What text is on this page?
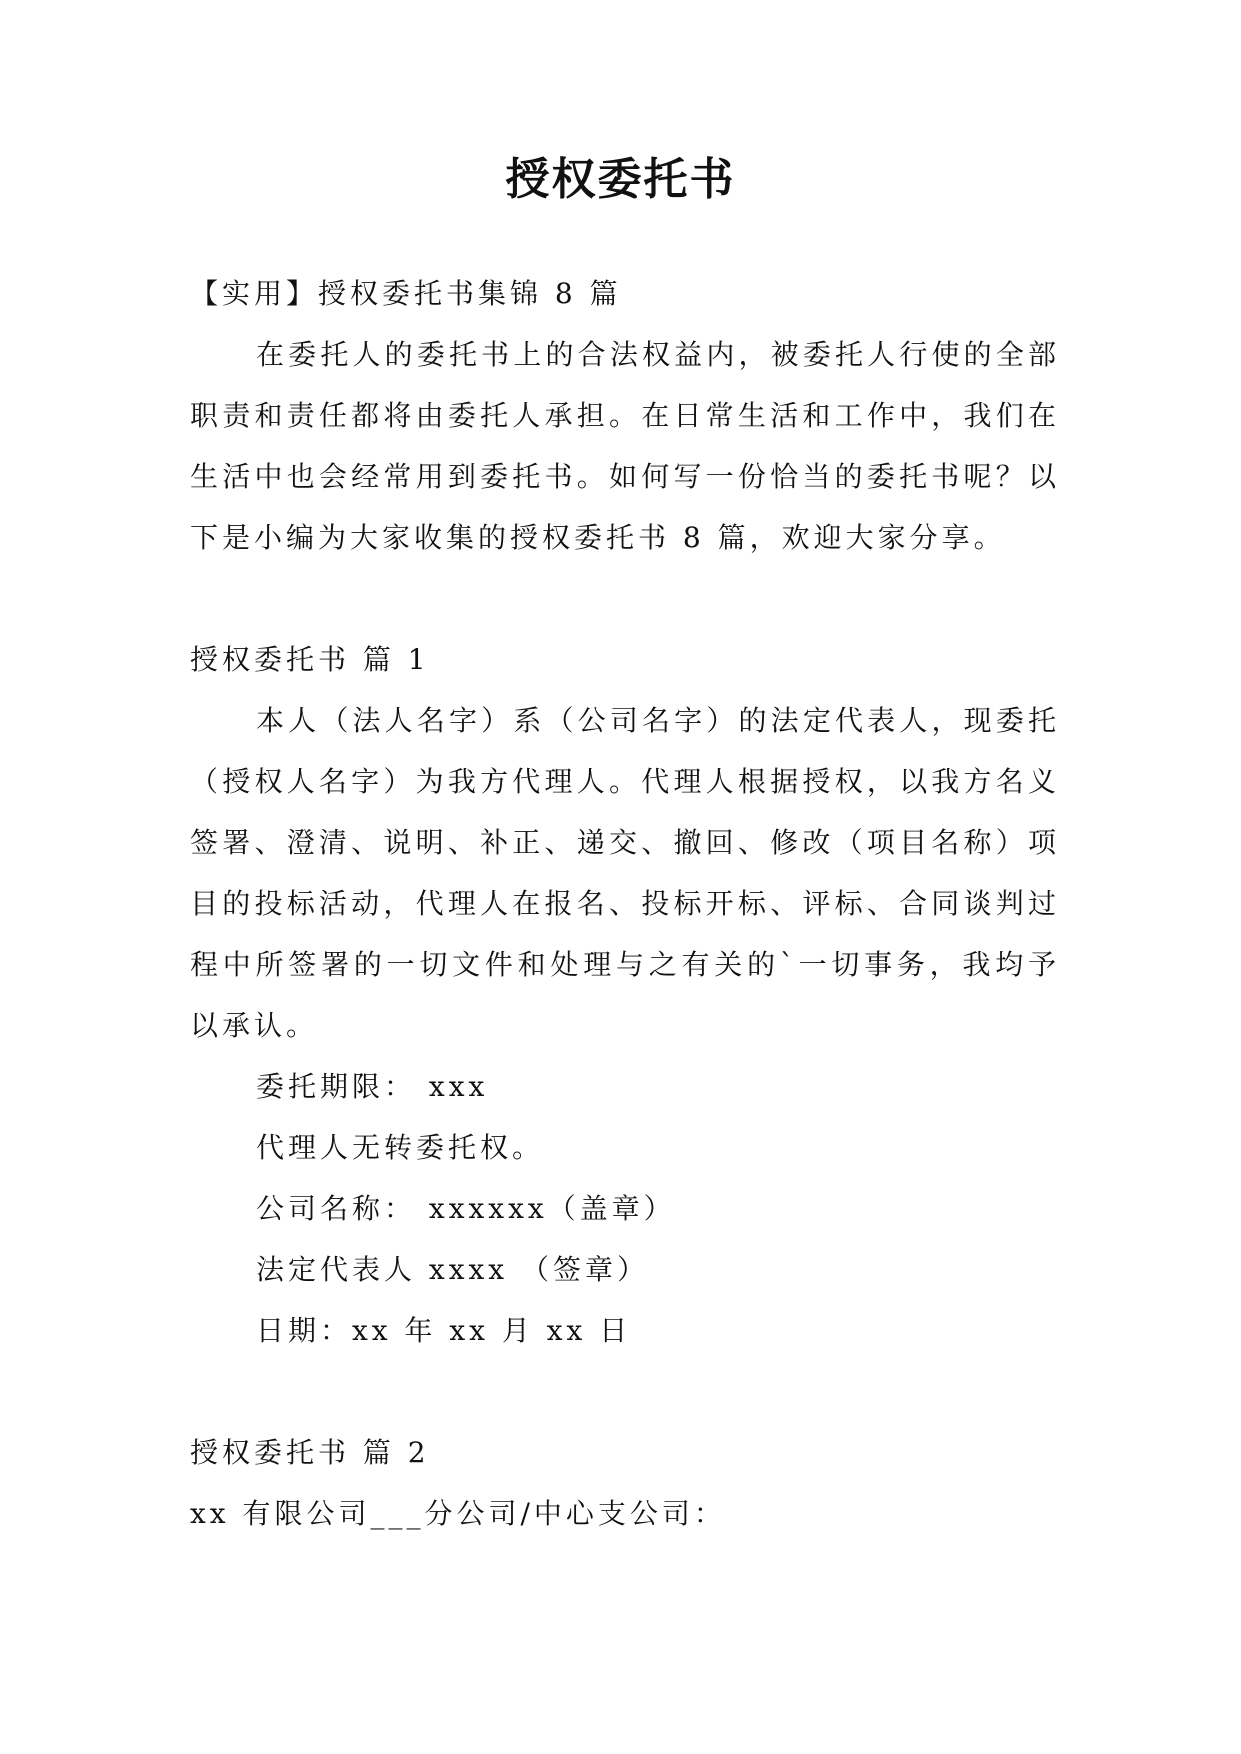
授权委托书

【实用】授权委托书集锦 8 篇

在委托人的委托书上的合法权益内，被委托人行使的全部职责和责任都将由委托人承担。在日常生活和工作中，我们在生活中也会经常用到委托书。如何写一份恰当的委托书呢？以下是小编为大家收集的授权委托书 8 篇，欢迎大家分享。

授权委托书 篇 1

本人（法人名字）系（公司名字）的法定代表人，现委托（授权人名字）为我方代理人。代理人根据授权，以我方名义签署、澄清、说明、补正、递交、撤回、修改（项目名称）项目的投标活动，代理人在报名、投标开标、评标、合同谈判过程中所签署的一切文件和处理与之有关的`一切事务，我均予以承认。

委托期限： xxx

代理人无转委托权。

公司名称： xxxxxx（盖章）

法定代表人 xxxx （签章）

日期：xx 年 xx 月 xx 日

授权委托书 篇 2

xx 有限公司___分公司/中心支公司：
